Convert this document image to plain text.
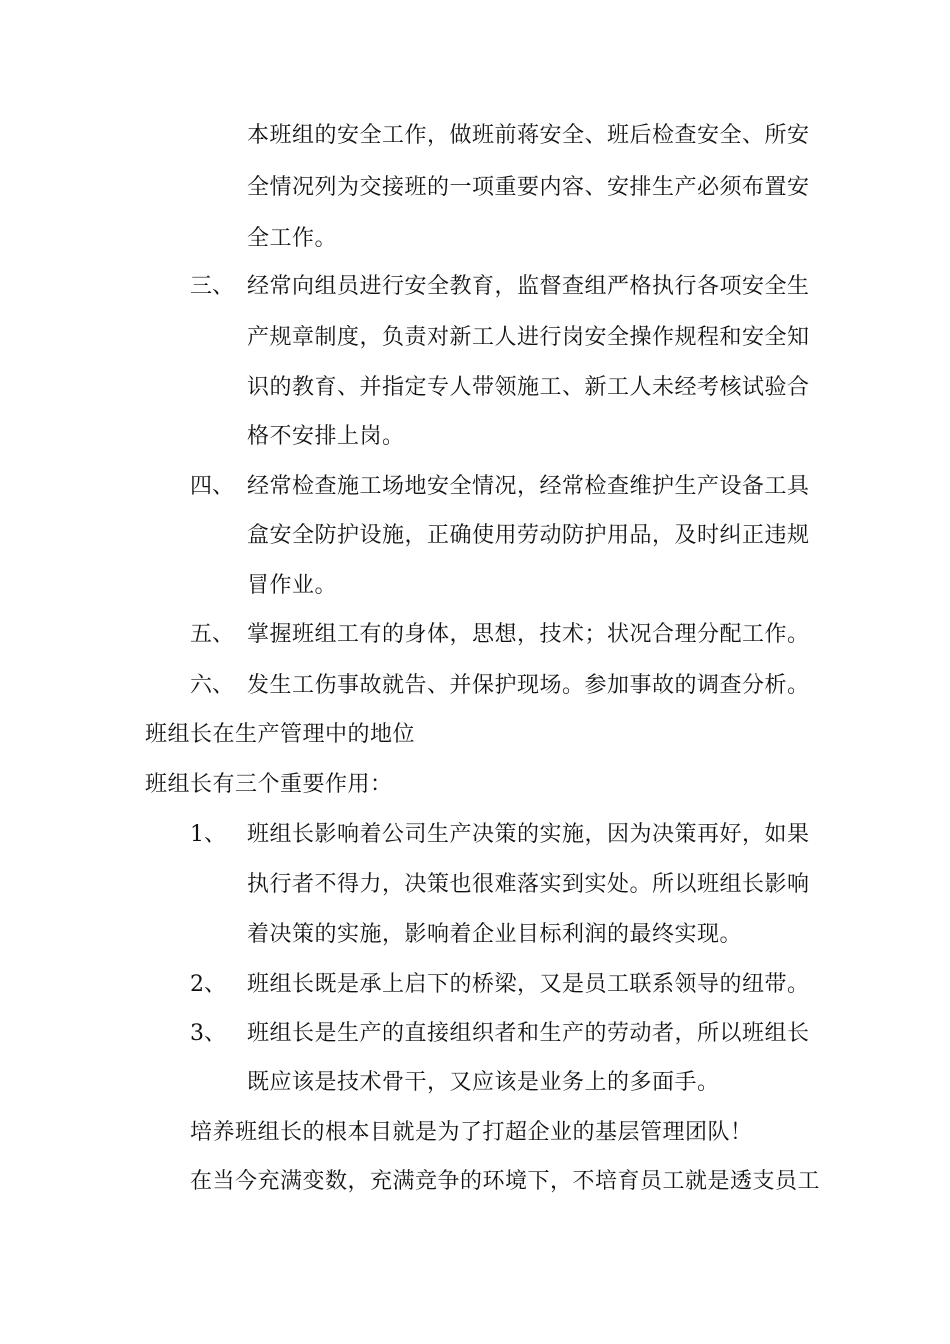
本班组的安全工作，做班前蒋安全、班后检查安全、所安
全情况列为交接班的一项重要内容、安排生产必须布置安
全工作。
三、 经常向组员进行安全教育，监督查组严格执行各项安全生
产规章制度，负责对新工人进行岗安全操作规程和安全知
识的教育、并指定专人带领施工、新工人未经考核试验合
格不安排上岗。
四、 经常检查施工场地安全情况，经常检查维护生产设备工具
盒安全防护设施，正确使用劳动防护用品，及时纠正违规
冒作业。
五、 掌握班组工有的身体，思想，技术；状况合理分配工作。
六、 发生工伤事故就告、并保护现场。参加事故的调查分析。
班组长在生产管理中的地位
班组长有三个重要作用：
1、 班组长影响着公司生产决策的实施，因为决策再好，如果
执行者不得力，决策也很难落实到实处。所以班组长影响
着决策的实施，影响着企业目标利润的最终实现。
2、 班组长既是承上启下的桥梁，又是员工联系领导的纽带。
3、 班组长是生产的直接组织者和生产的劳动者，所以班组长
既应该是技术骨干，又应该是业务上的多面手。
培养班组长的根本目就是为了打超企业的基层管理团队！
在当今充满变数，充满竞争的环境下，不培育员工就是透支员工
